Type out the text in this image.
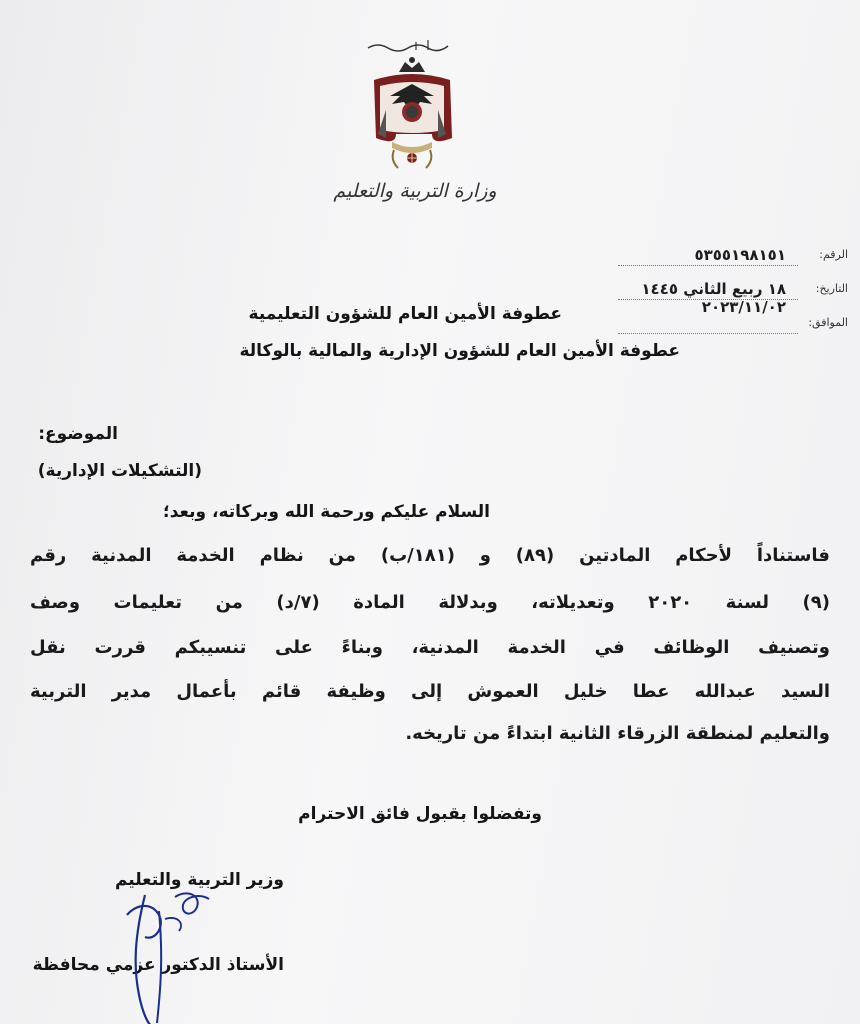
وزارة التربية والتعليم
الرقم:
٥٣٥٥١٩٨١٥١
التاريخ:
١٨ ربيع الثاني ١٤٤٥
الموافق:
٢٠٢٣/١١/٠٢
عطوفة الأمين العام للشؤون التعليمية
عطوفة الأمين العام للشؤون الإدارية والمالية بالوكالة
الموضوع:
(التشكيلات الإدارية)
السلام عليكم ورحمة الله وبركاته، وبعد؛
فاستناداً لأحكام المادتين (٨٩) و (١٨١/ب) من نظام الخدمة المدنية رقم
(٩) لسنة ٢٠٢٠ وتعديلاته، وبدلالة المادة (٧/د) من تعليمات وصف
وتصنيف الوظائف في الخدمة المدنية، وبناءً على تنسيبكم قررت نقل
السيد عبدالله عطا خليل العموش إلى وظيفة قائم بأعمال مدير التربية
والتعليم لمنطقة الزرقاء الثانية ابتداءً من تاريخه.
وتفضلوا بقبول فائق الاحترام
وزير التربية والتعليم
الأستاذ الدكتور عزمي محافظة
